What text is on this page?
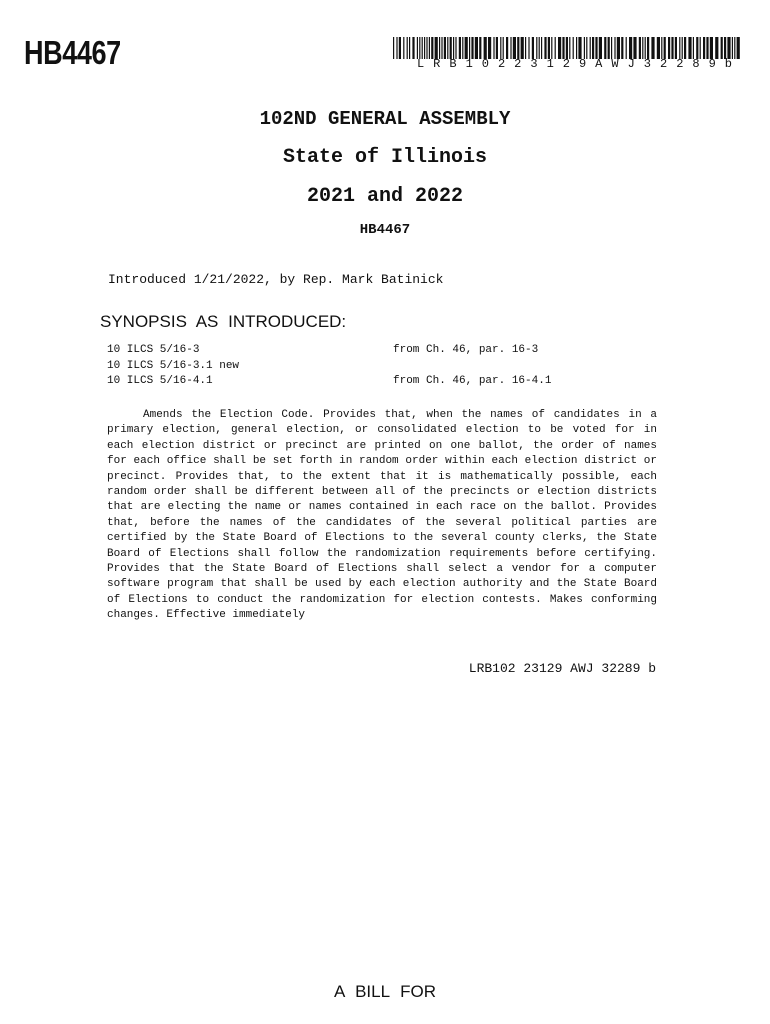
HB4467	LRB10223129AWJ32289b
102ND GENERAL ASSEMBLY
State of Illinois
2021 and 2022
HB4467
Introduced 1/21/2022, by Rep. Mark Batinick
SYNOPSIS AS INTRODUCED:
10 ILCS 5/16-3	from Ch. 46, par. 16-3
10 ILCS 5/16-3.1 new
10 ILCS 5/16-4.1	from Ch. 46, par. 16-4.1

Amends the Election Code. Provides that, when the names of candidates in a primary election, general election, or consolidated election to be voted for in each election district or precinct are printed on one ballot, the order of names for each office shall be set forth in random order within each election district or precinct. Provides that, to the extent that it is mathematically possible, each random order shall be different between all of the precincts or election districts that are electing the name or names contained in each race on the ballot. Provides that, before the names of the candidates of the several political parties are certified by the State Board of Elections to the several county clerks, the State Board of Elections shall follow the randomization requirements before certifying. Provides that the State Board of Elections shall select a vendor for a computer software program that shall be used by each election authority and the State Board of Elections to conduct the randomization for election contests. Makes conforming changes. Effective immediately

LRB102 23129 AWJ 32289 b
A BILL FOR
